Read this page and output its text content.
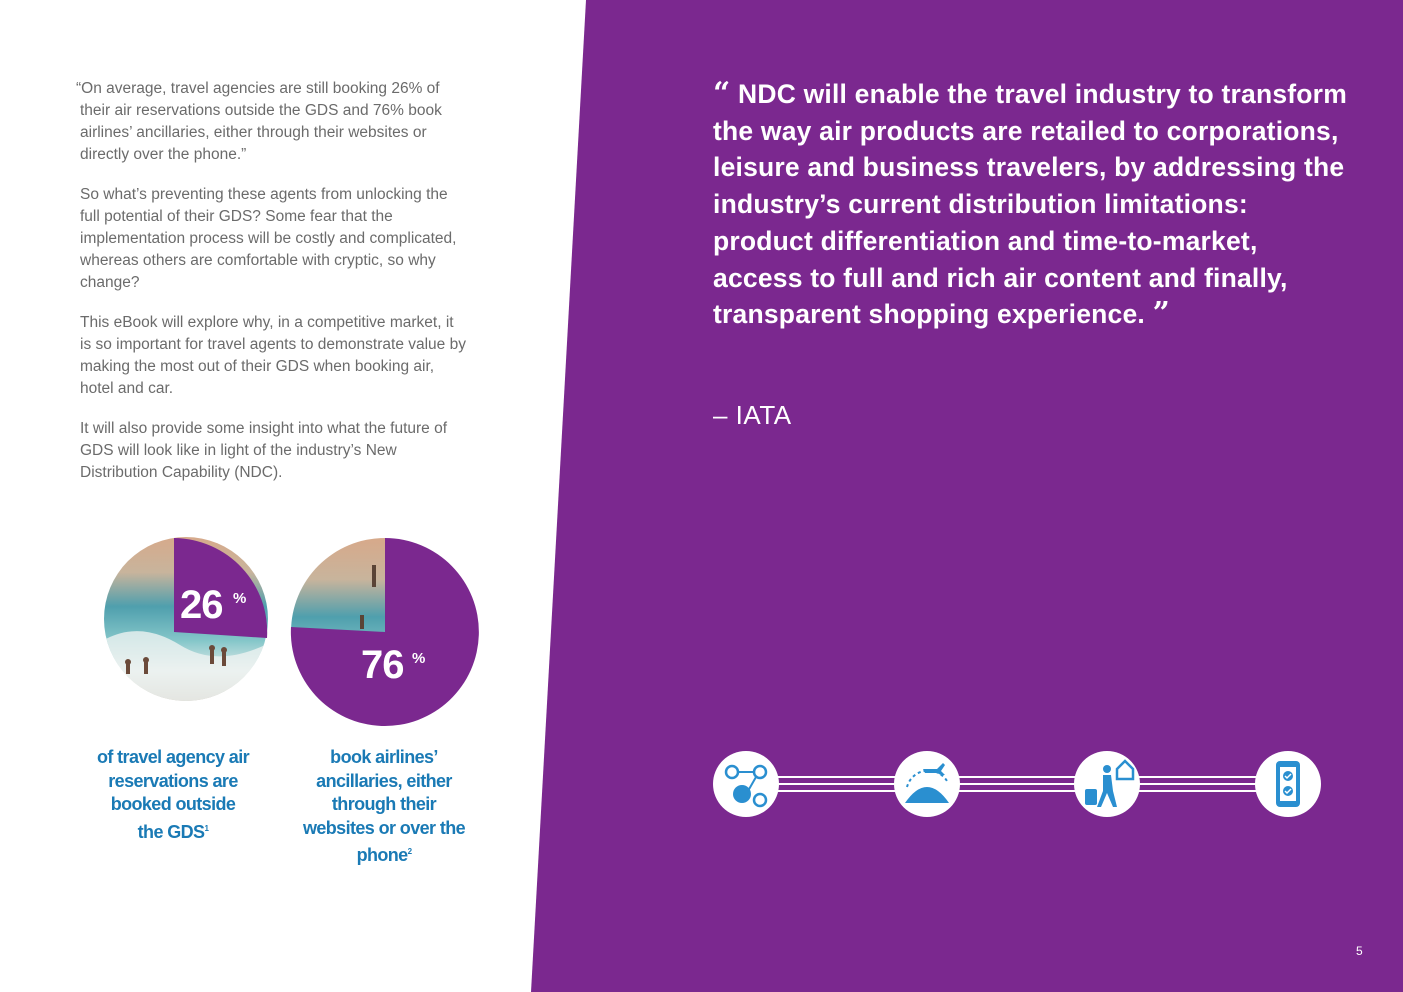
“On average, travel agencies are still booking 26% of their air reservations outside the GDS and 76% book airlines’ ancillaries, either through their websites or directly over the phone.”

So what’s preventing these agents from unlocking the full potential of their GDS? Some fear that the implementation process will be costly and complicated, whereas others are comfortable with cryptic, so why change?

This eBook will explore why, in a competitive market, it is so important for travel agents to demonstrate value by making the most out of their GDS when booking air, hotel and car.

It will also provide some insight into what the future of GDS will look like in light of the industry’s New Distribution Capability (NDC).

26 %
76 %
of travel agency air reservations are booked outside the GDS$^1$
book airlines’ ancillaries, either through their websites or over the phone$^2$
“ NDC will enable the travel industry to transform the way air products are retailed to corporations, leisure and business travelers, by addressing the industry’s current distribution limitations: product differentiation and time-to-market, access to full and rich air content and finally, transparent shopping experience. ”
– IATA
5
